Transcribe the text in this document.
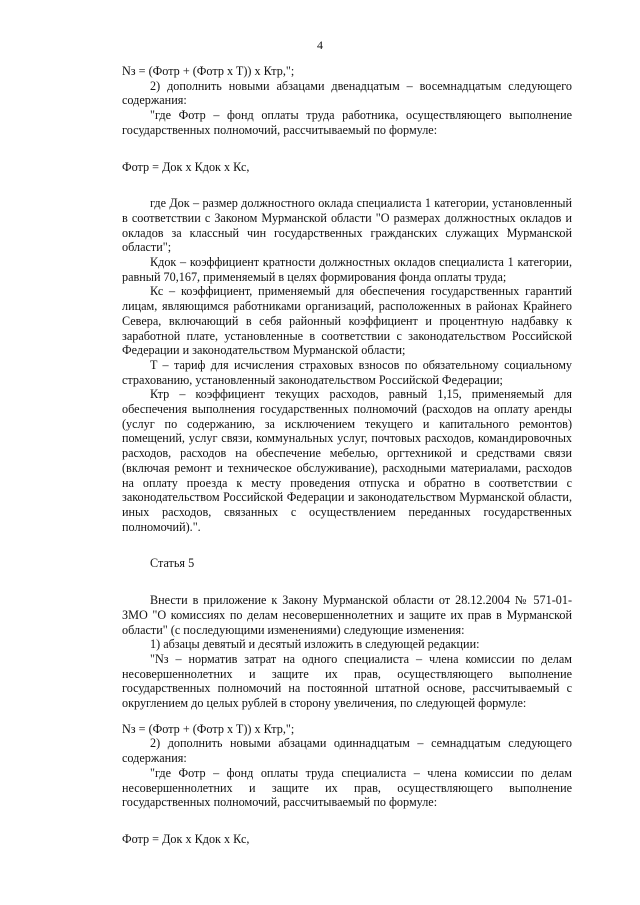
4

Nз = (Фотр + (Фотр x T)) x Ктр,";

2) дополнить новыми абзацами двенадцатым – восемнадцатым следующего содержания:

"где Фотр – фонд оплаты труда работника, осуществляющего выполнение государственных полномочий, рассчитываемый по формуле:

Фотр = Док x Кдок x Кс,

где Док – размер должностного оклада специалиста 1 категории, установленный в соответствии с Законом Мурманской области "О размерах должностных окладов и окладов за классный чин государственных гражданских служащих Мурманской области";

Кдок – коэффициент кратности должностных окладов специалиста 1 категории, равный 70,167, применяемый в целях формирования фонда оплаты труда;

Кс – коэффициент, применяемый для обеспечения государственных гарантий лицам, являющимся работниками организаций, расположенных в районах Крайнего Севера, включающий в себя районный коэффициент и процентную надбавку к заработной плате, установленные в соответствии с законодательством Российской Федерации и законодательством Мурманской области;

T – тариф для исчисления страховых взносов по обязательному социальному страхованию, установленный законодательством Российской Федерации;

Ктр – коэффициент текущих расходов, равный 1,15, применяемый для обеспечения выполнения государственных полномочий (расходов на оплату аренды (услуг по содержанию, за исключением текущего и капитального ремонтов) помещений, услуг связи, коммунальных услуг, почтовых расходов, командировочных расходов, расходов на обеспечение мебелью, оргтехникой и средствами связи (включая ремонт и техническое обслуживание), расходными материалами, расходов на оплату проезда к месту проведения отпуска и обратно в соответствии с законодательством Российской Федерации и законодательством Мурманской области, иных расходов, связанных с осуществлением переданных государственных полномочий).".

Статья 5

Внести в приложение к Закону Мурманской области от 28.12.2004 № 571-01-ЗМО "О комиссиях по делам несовершеннолетних и защите их прав в Мурманской области" (с последующими изменениями) следующие изменения:

1) абзацы девятый и десятый изложить в следующей редакции:

"Nз – норматив затрат на одного специалиста – члена комиссии по делам несовершеннолетних и защите их прав, осуществляющего выполнение государственных полномочий на постоянной штатной основе, рассчитываемый с округлением до целых рублей в сторону увеличения, по следующей формуле:

Nз = (Фотр + (Фотр x T)) x Ктр,";

2) дополнить новыми абзацами одиннадцатым – семнадцатым следующего содержания:

"где Фотр – фонд оплаты труда специалиста – члена комиссии по делам несовершеннолетних и защите их прав, осуществляющего выполнение государственных полномочий, рассчитываемый по формуле:

Фотр = Док x Кдок x Кс,
